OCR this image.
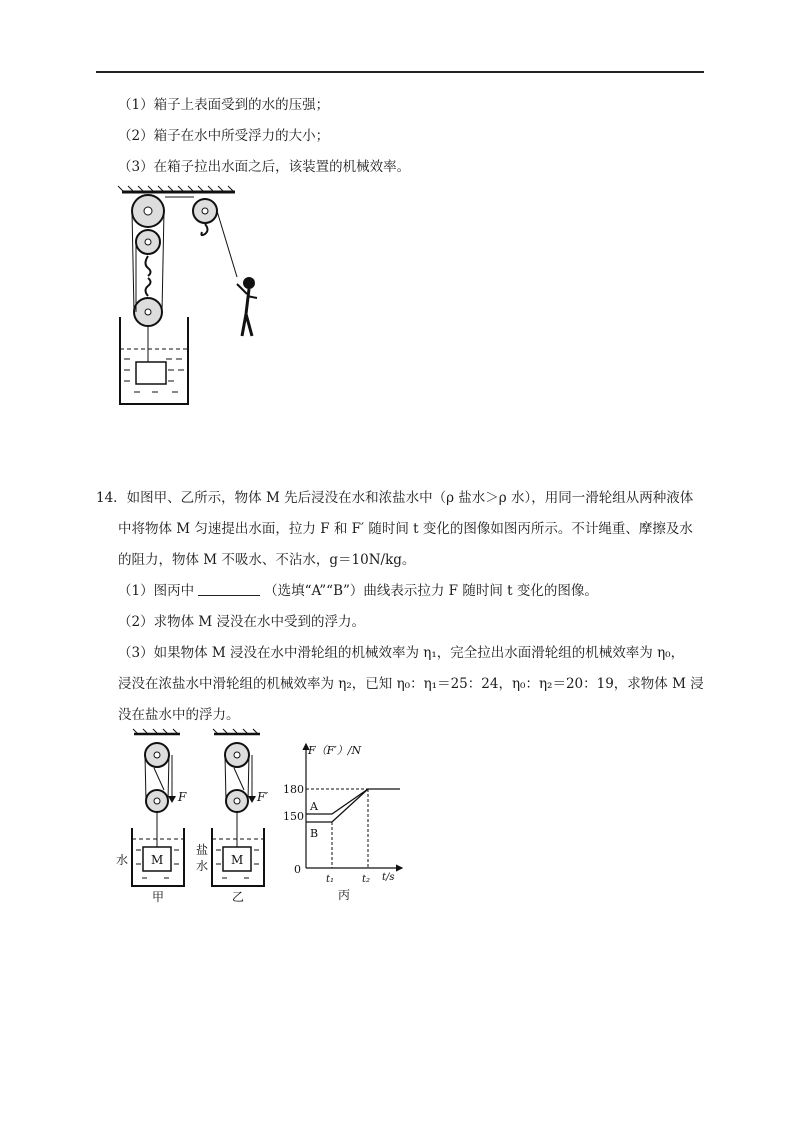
（1）箱子上表面受到的水的压强；
（2）箱子在水中所受浮力的大小；
（3）在箱子拉出水面之后，该装置的机械效率。
14．如图甲、乙所示，物体 M 先后浸没在水和浓盐水中（ρ 盐水＞ρ 水），用同一滑轮组从两种液体
中将物体 M 匀速提出水面，拉力 F 和 F′ 随时间 t 变化的图像如图丙所示。不计绳重、摩擦及水
的阻力，物体 M 不吸水、不沾水，g＝10N/kg。
（1）图丙中	（选填“A”“B”）曲线表示拉力 F 随时间 t 变化的图像。
（2）求物体 M 浸没在水中受到的浮力。
（3）如果物体 M 浸没在水中滑轮组的机械效率为 η₁，完全拉出水面滑轮组的机械效率为 η₀，
浸没在浓盐水中滑轮组的机械效率为 η₂，已知 η₀：η₁＝25：24，η₀：η₂＝20：19，求物体 M 浸
没在盐水中的浮力。
F
M
水
甲
F′
M
盐
水
乙
F（F′）/N
t/s
0
180
150
t₁	t₂
A
B
丙
